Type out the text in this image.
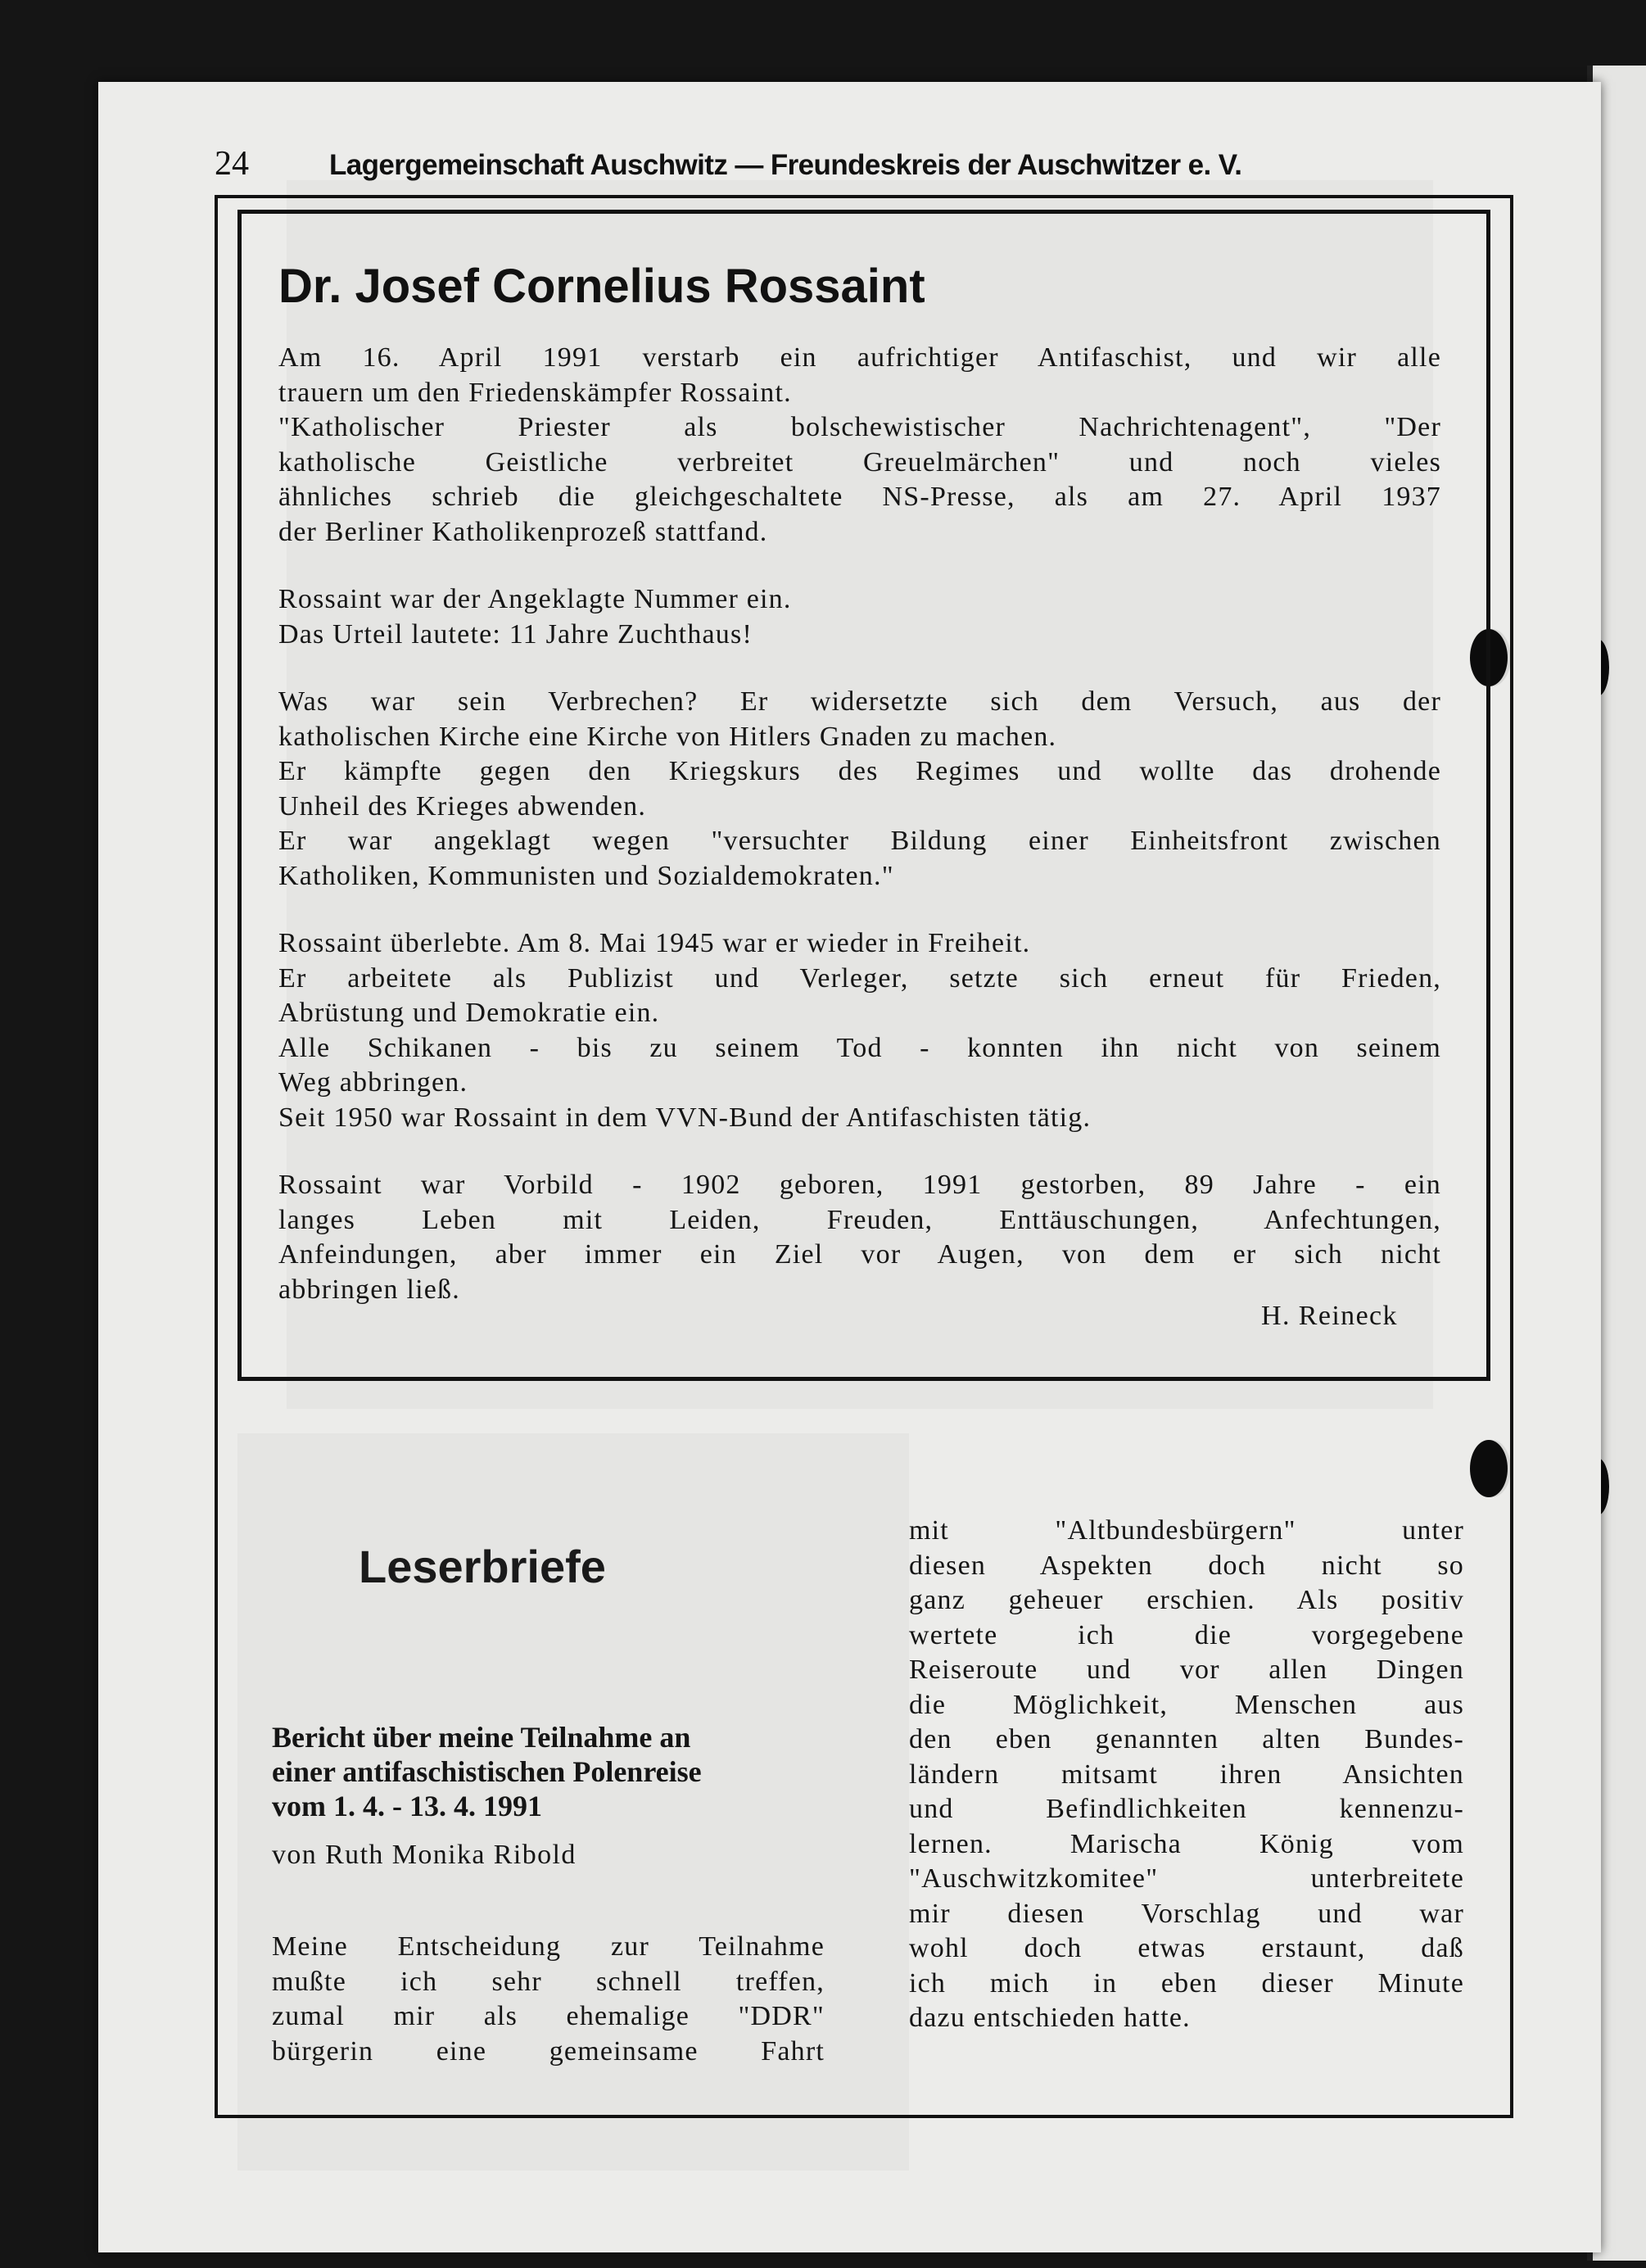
24	Lagergemeinschaft Auschwitz — Freundeskreis der Auschwitzer e. V.
Dr. Josef Cornelius Rossaint

Am 16. April 1991 verstarb ein aufrichtiger Antifaschist, und wir alle
trauern um den Friedenskämpfer Rossaint.
"Katholischer Priester als bolschewistischer Nachrichtenagent", "Der
katholische Geistliche verbreitet Greuelmärchen" und noch vieles
ähnliches schrieb die gleichgeschaltete NS-Presse, als am 27. April 1937
der Berliner Katholikenprozeß stattfand.

Rossaint war der Angeklagte Nummer ein.
Das Urteil lautete: 11 Jahre Zuchthaus!

Was war sein Verbrechen? Er widersetzte sich dem Versuch, aus der
katholischen Kirche eine Kirche von Hitlers Gnaden zu machen.
Er kämpfte gegen den Kriegskurs des Regimes und wollte das drohende
Unheil des Krieges abwenden.
Er war angeklagt wegen "versuchter Bildung einer Einheitsfront zwischen
Katholiken, Kommunisten und Sozialdemokraten."

Rossaint überlebte. Am 8. Mai 1945 war er wieder in Freiheit.
Er arbeitete als Publizist und Verleger, setzte sich erneut für Frieden,
Abrüstung und Demokratie ein.
Alle Schikanen - bis zu seinem Tod - konnten ihn nicht von seinem
Weg abbringen.
Seit 1950 war Rossaint in dem VVN-Bund der Antifaschisten tätig.

Rossaint war Vorbild - 1902 geboren, 1991 gestorben, 89 Jahre - ein
langes Leben mit Leiden, Freuden, Enttäuschungen, Anfechtungen,
Anfeindungen, aber immer ein Ziel vor Augen, von dem er sich nicht
abbringen ließ.

H. Reineck
Leserbriefe
Bericht über meine Teilnahme an
einer antifaschistischen Polenreise
vom 1. 4. - 13. 4. 1991
von Ruth Monika Ribold
Meine Entscheidung zur Teilnahme
mußte ich sehr schnell treffen,
zumal mir als ehemalige "DDR"
bürgerin eine gemeinsame Fahrt
mit "Altbundesbürgern" unter
diesen Aspekten doch nicht so
ganz geheuer erschien. Als positiv
wertete ich die vorgegebene
Reiseroute und vor allen Dingen
die Möglichkeit, Menschen aus
den eben genannten alten Bundes-
ländern mitsamt ihren Ansichten
und Befindlichkeiten kennenzu-
lernen. Marischa König vom
"Auschwitzkomitee" unterbreitete
mir diesen Vorschlag und war
wohl doch etwas erstaunt, daß
ich mich in eben dieser Minute
dazu entschieden hatte.
